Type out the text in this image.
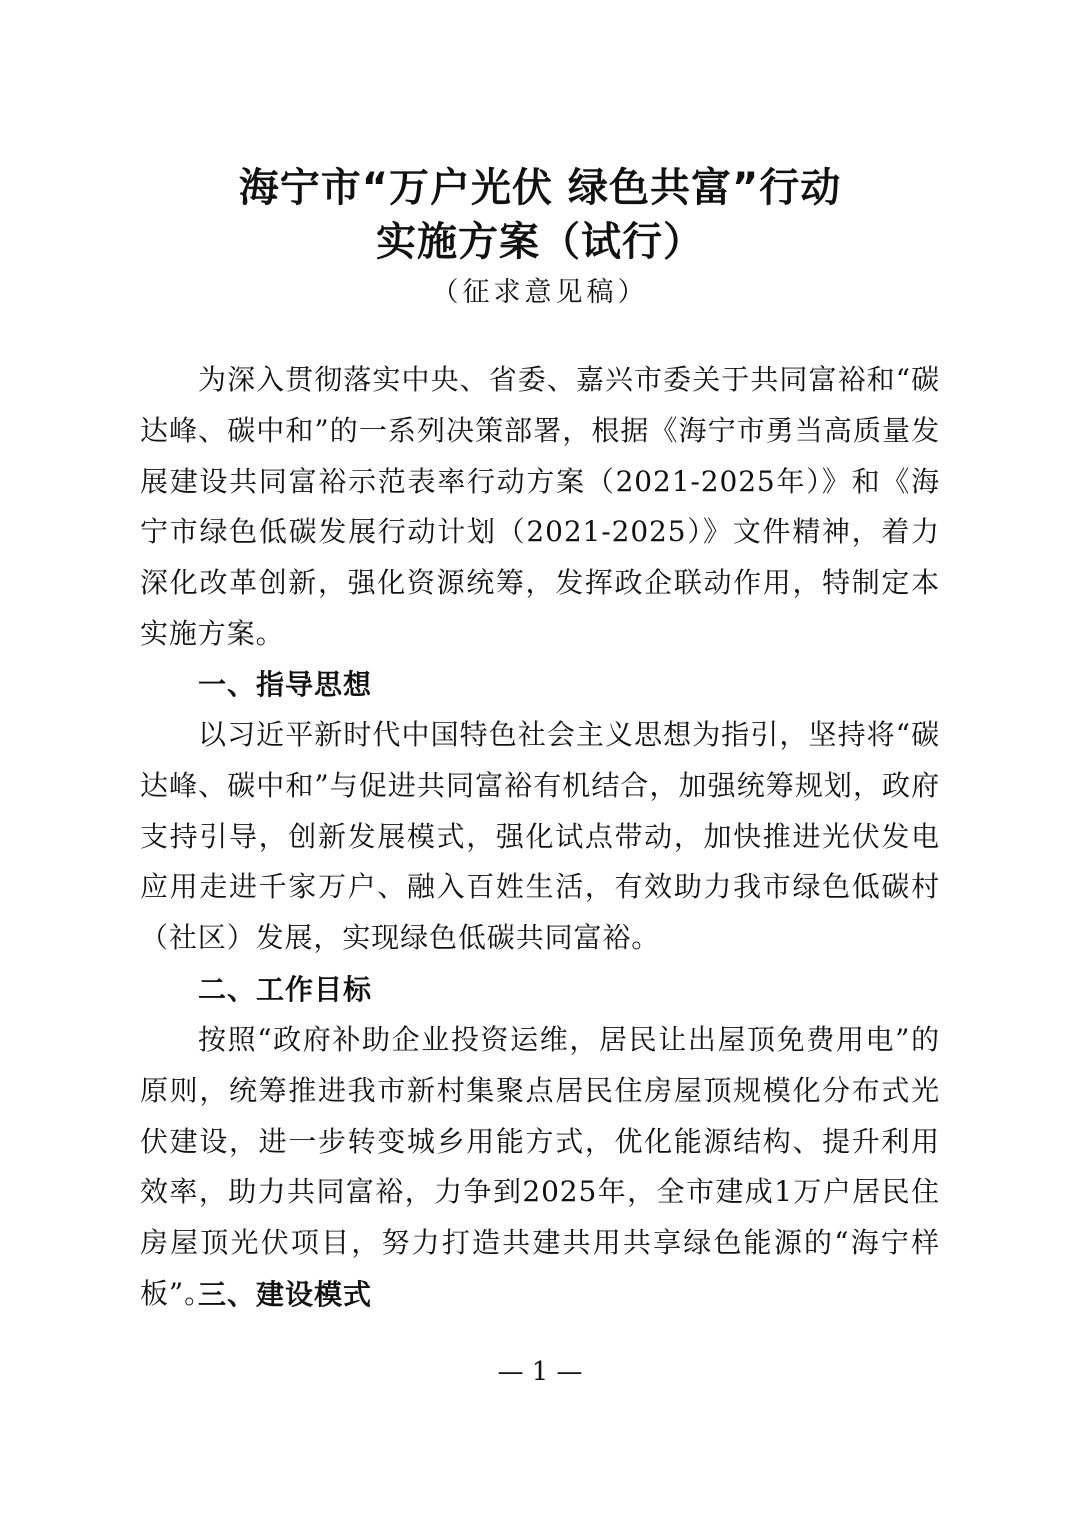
海宁市“万户光伏 绿色共富”行动
实施方案（试行）
（征求意见稿）

为深入贯彻落实中央、省委、嘉兴市委关于共同富裕和“碳达峰、碳中和”的一系列决策部署，根据《海宁市勇当高质量发展建设共同富裕示范表率行动方案（2021-2025年）》和《海宁市绿色低碳发展行动计划（2021-2025）》文件精神，着力深化改革创新，强化资源统筹，发挥政企联动作用，特制定本实施方案。

一、指导思想

以习近平新时代中国特色社会主义思想为指引，坚持将“碳达峰、碳中和”与促进共同富裕有机结合，加强统筹规划，政府支持引导，创新发展模式，强化试点带动，加快推进光伏发电应用走进千家万户、融入百姓生活，有效助力我市绿色低碳村（社区）发展，实现绿色低碳共同富裕。

二、工作目标

按照“政府补助企业投资运维，居民让出屋顶免费用电”的原则，统筹推进我市新村集聚点居民住房屋顶规模化分布式光伏建设，进一步转变城乡用能方式，优化能源结构、提升利用效率，助力共同富裕，力争到2025年，全市建成1万户居民住房屋顶光伏项目，努力打造共建共用共享绿色能源的“海宁样板”。

三、建设模式
— 1 —
